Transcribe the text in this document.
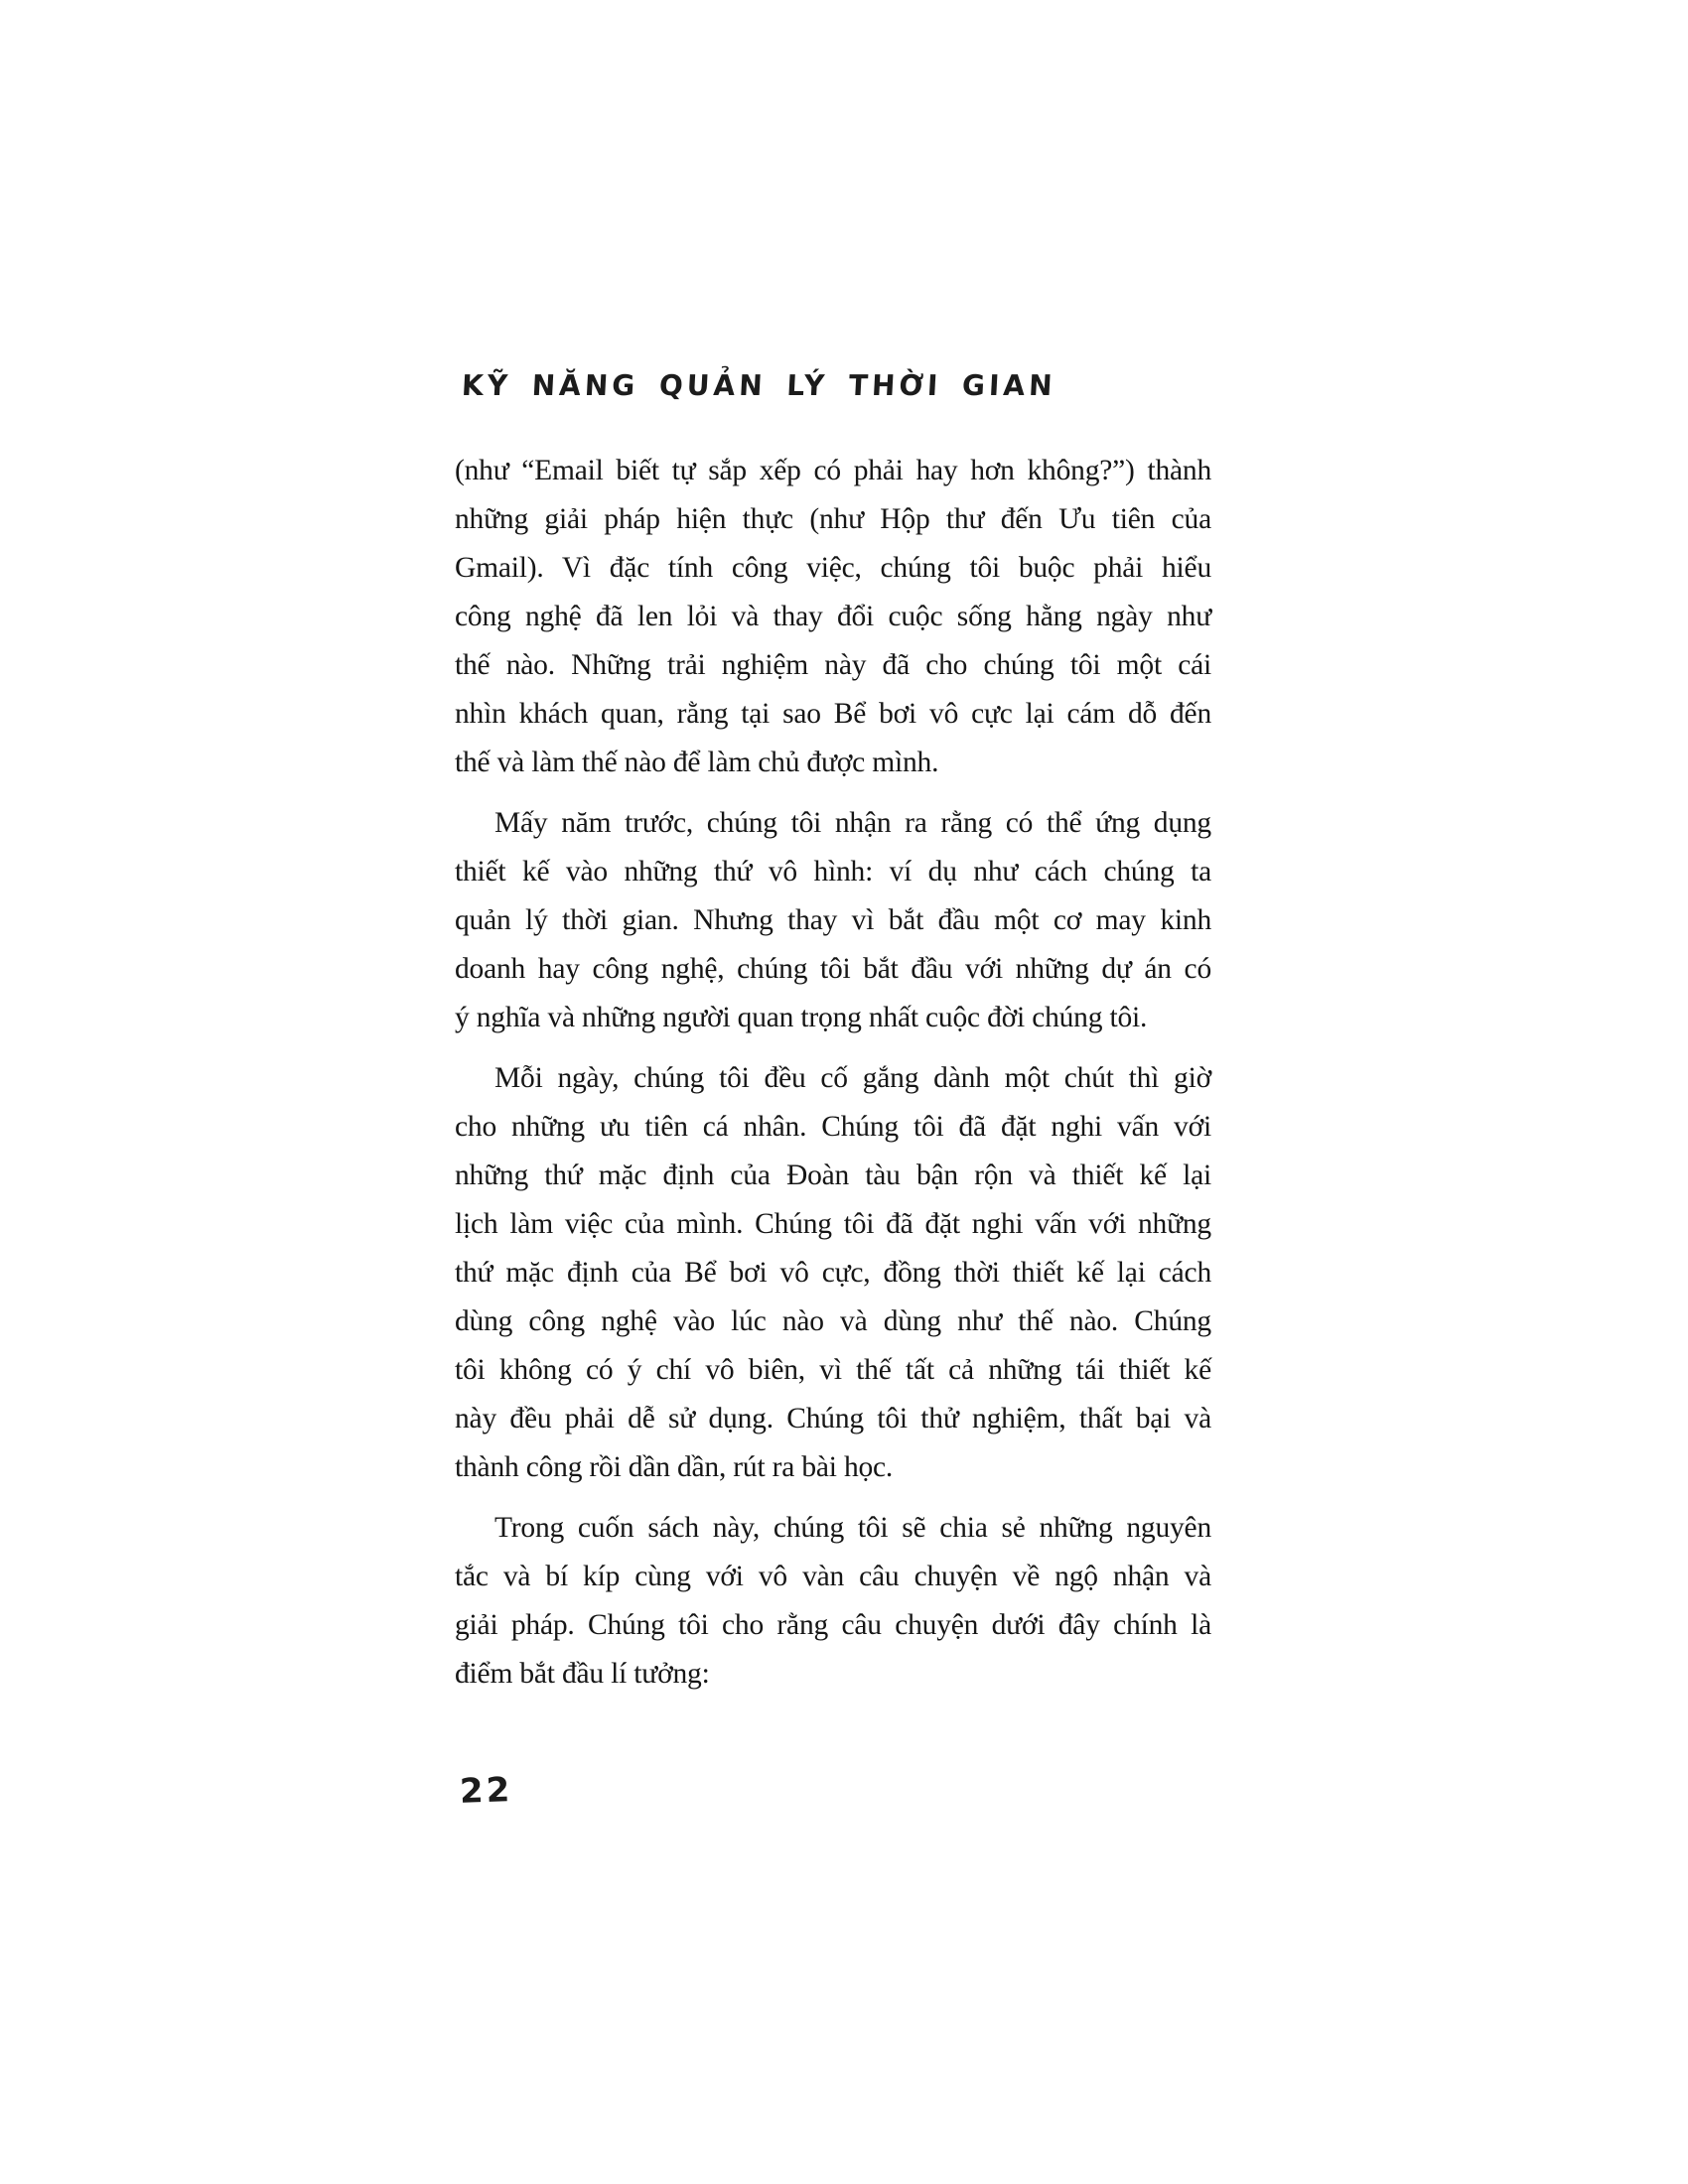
KỸ NĂNG QUẢN LÝ THỜI GIAN
(như “Email biết tự sắp xếp có phải hay hơn không?”) thành
những giải pháp hiện thực (như Hộp thư đến Ưu tiên của
Gmail). Vì đặc tính công việc, chúng tôi buộc phải hiểu
công nghệ đã len lỏi và thay đổi cuộc sống hằng ngày như
thế nào. Những trải nghiệm này đã cho chúng tôi một cái
nhìn khách quan, rằng tại sao Bể bơi vô cực lại cám dỗ đến
thế và làm thế nào để làm chủ được mình.
Mấy năm trước, chúng tôi nhận ra rằng có thể ứng dụng
thiết kế vào những thứ vô hình: ví dụ như cách chúng ta
quản lý thời gian. Nhưng thay vì bắt đầu một cơ may kinh
doanh hay công nghệ, chúng tôi bắt đầu với những dự án có
ý nghĩa và những người quan trọng nhất cuộc đời chúng tôi.
Mỗi ngày, chúng tôi đều cố gắng dành một chút thì giờ
cho những ưu tiên cá nhân. Chúng tôi đã đặt nghi vấn với
những thứ mặc định của Đoàn tàu bận rộn và thiết kế lại
lịch làm việc của mình. Chúng tôi đã đặt nghi vấn với những
thứ mặc định của Bể bơi vô cực, đồng thời thiết kế lại cách
dùng công nghệ vào lúc nào và dùng như thế nào. Chúng
tôi không có ý chí vô biên, vì thế tất cả những tái thiết kế
này đều phải dễ sử dụng. Chúng tôi thử nghiệm, thất bại và
thành công rồi dần dần, rút ra bài học.
Trong cuốn sách này, chúng tôi sẽ chia sẻ những nguyên
tắc và bí kíp cùng với vô vàn câu chuyện về ngộ nhận và
giải pháp. Chúng tôi cho rằng câu chuyện dưới đây chính là
điểm bắt đầu lí tưởng:
22
